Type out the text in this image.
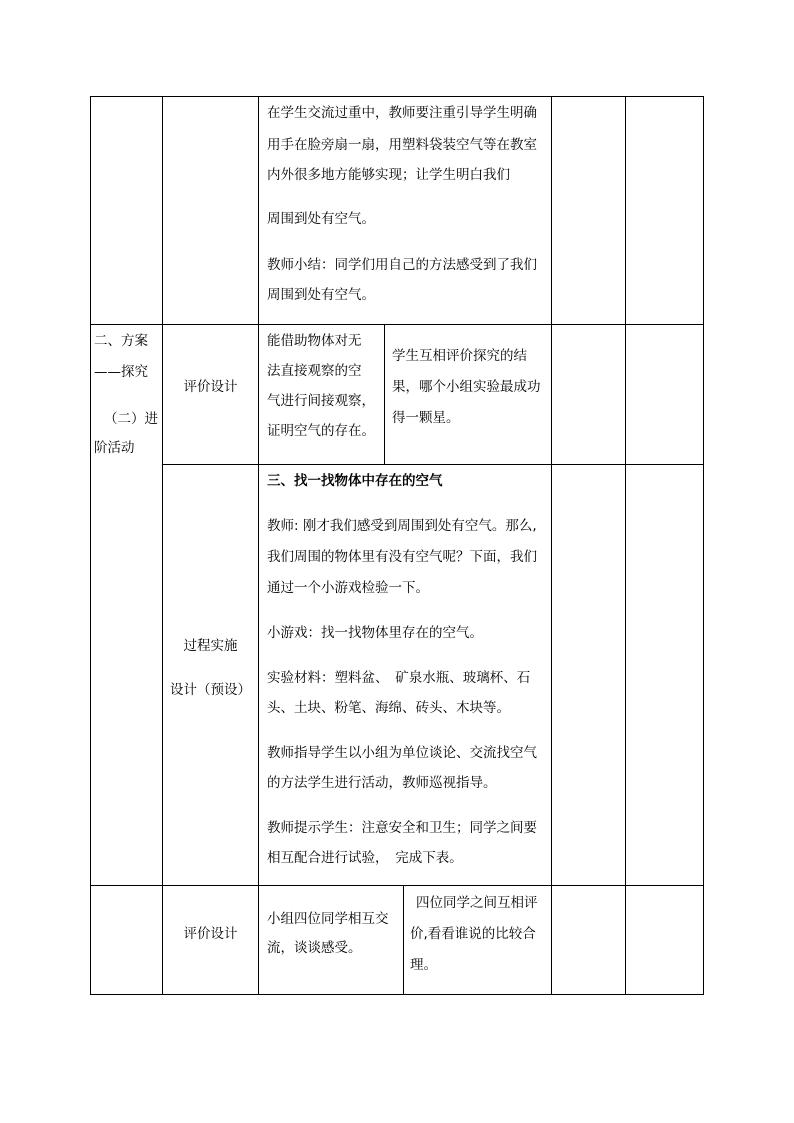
在学生交流过重中，教师要注重引导学生明确

用手在脸旁扇一扇，用塑料袋装空气等在教室

内外很多地方能够实现；让学生明白我们

周围到处有空气。

教师小结：同学们用自己的方法感受到了我们

周围到处有空气。

二、方案

——探究

（二）进

阶活动

评价设计

能借助物体对无

法直接观察的空

气进行间接观察，

证明空气的存在。

学生互相评价探究的结

果，哪个小组实验最成功

得一颗星。

过程实施

设计（预设）

三、找一找物体中存在的空气

教师: 刚才我们感受到周围到处有空气。那么,

我们周围的物体里有没有空气呢？下面，我们

通过一个小游戏检验一下。

小游戏：找一找物体里存在的空气。

实验材料：塑料盆、　矿泉水瓶、玻璃杯、石

头、土块、粉笔、海绵、砖头、木块等。

教师指导学生以小组为单位谈论、交流找空气

的方法学生进行活动，教师巡视指导。

教师提示学生：注意安全和卫生；同学之间要

相互配合进行试验，　完成下表。

评价设计

小组四位同学相互交

流，谈谈感受。

四位同学之间互相评

价,看看谁说的比较合

理。
